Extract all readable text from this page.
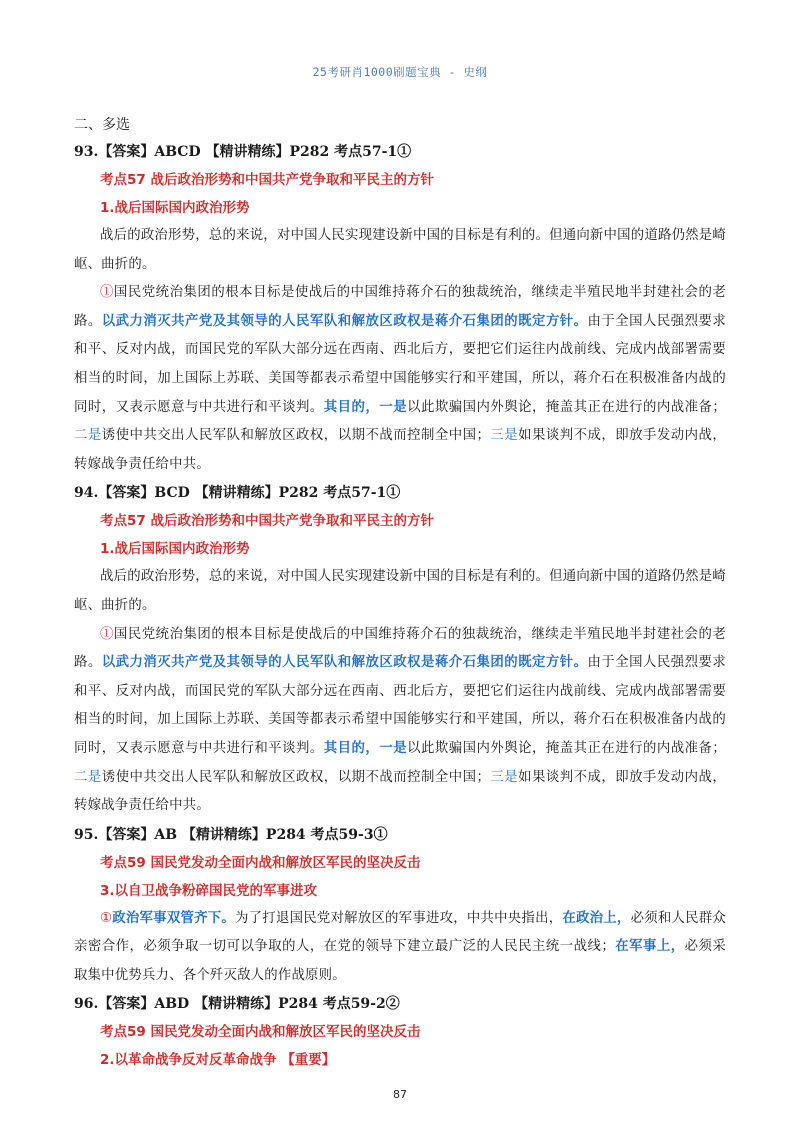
25考研肖1000刷题宝典 - 史纲
二、多选

93.【答案】ABCD 【精讲精练】P282 考点57-1①

考点57 战后政治形势和中国共产党争取和平民主的方针

1.战后国际国内政治形势

战后的政治形势，总的来说，对中国人民实现建设新中国的目标是有利的。但通向新中国的道路仍然是崎岖、曲折的。

①国民党统治集团的根本目标是使战后的中国维持蒋介石的独裁统治，继续走半殖民地半封建社会的老路。以武力消灭共产党及其领导的人民军队和解放区政权是蒋介石集团的既定方针。由于全国人民强烈要求和平、反对内战，而国民党的军队大部分远在西南、西北后方，要把它们运往内战前线、完成内战部署需要相当的时间，加上国际上苏联、美国等都表示希望中国能够实行和平建国，所以，蒋介石在积极准备内战的同时，又表示愿意与中共进行和平谈判。其目的，一是以此欺骗国内外舆论，掩盖其正在进行的内战准备；二是诱使中共交出人民军队和解放区政权，以期不战而控制全中国；三是如果谈判不成，即放手发动内战，转嫁战争责任给中共。

94.【答案】BCD 【精讲精练】P282 考点57-1①

考点57 战后政治形势和中国共产党争取和平民主的方针

1.战后国际国内政治形势

战后的政治形势，总的来说，对中国人民实现建设新中国的目标是有利的。但通向新中国的道路仍然是崎岖、曲折的。

①国民党统治集团的根本目标是使战后的中国维持蒋介石的独裁统治，继续走半殖民地半封建社会的老路。以武力消灭共产党及其领导的人民军队和解放区政权是蒋介石集团的既定方针。由于全国人民强烈要求和平、反对内战，而国民党的军队大部分远在西南、西北后方，要把它们运往内战前线、完成内战部署需要相当的时间，加上国际上苏联、美国等都表示希望中国能够实行和平建国，所以，蒋介石在积极准备内战的同时，又表示愿意与中共进行和平谈判。其目的，一是以此欺骗国内外舆论，掩盖其正在进行的内战准备；二是诱使中共交出人民军队和解放区政权，以期不战而控制全中国；三是如果谈判不成，即放手发动内战，转嫁战争责任给中共。

95.【答案】AB 【精讲精练】P284 考点59-3①

考点59 国民党发动全面内战和解放区军民的坚决反击

3.以自卫战争粉碎国民党的军事进攻

①政治军事双管齐下。为了打退国民党对解放区的军事进攻，中共中央指出，在政治上，必须和人民群众亲密合作，必须争取一切可以争取的人，在党的领导下建立最广泛的人民民主统一战线；在军事上，必须采取集中优势兵力、各个歼灭敌人的作战原则。

96.【答案】ABD 【精讲精练】P284 考点59-2②

考点59 国民党发动全面内战和解放区军民的坚决反击

2.以革命战争反对反革命战争 【重要】

87
